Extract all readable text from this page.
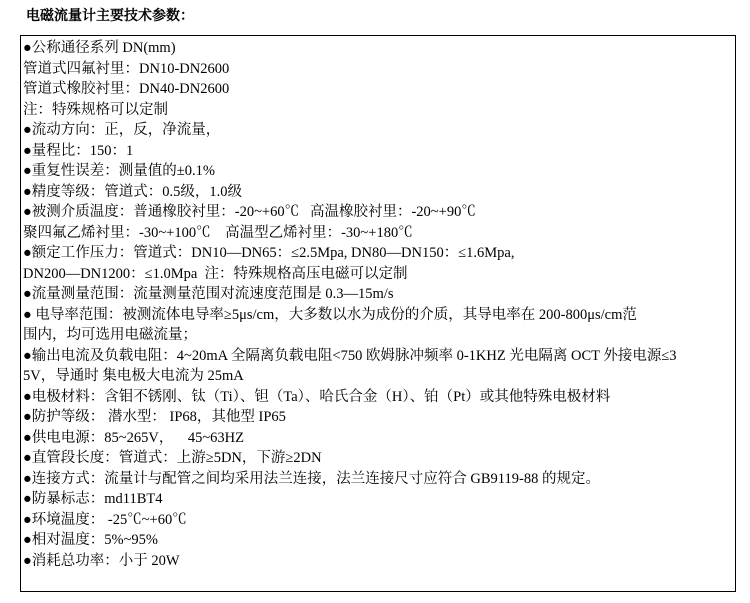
电磁流量计主要技术参数：
●公称通径系列 DN(mm)
管道式四氟衬里：DN10-DN2600
管道式橡胶衬里：DN40-DN2600
注：特殊规格可以定制
●流动方向：正，反，净流量，
●量程比：150：1
●重复性误差：测量值的±0.1%
●精度等级：管道式：0.5级，1.0级
●被测介质温度：普通橡胶衬里：-20~+60℃   高温橡胶衬里：-20~+90℃
聚四氟乙烯衬里：-30~+100℃    高温型乙烯衬里：-30~+180℃
●额定工作压力：管道式：DN10—DN65：≤2.5Mpa, DN80—DN150：≤1.6Mpa,
DN200—DN1200：≤1.0Mpa  注：特殊规格高压电磁可以定制
●流量测量范围：流量测量范围对流速度范围是 0.3—15m/s
● 电导率范围：被测流体电导率≥5μs/cm，大多数以水为成份的介质，其导电率在 200-800μs/cm范
围内，均可选用电磁流量；
●输出电流及负载电阻：4~20mA 全隔离负载电阻<750 欧姆脉冲频率 0-1KHZ 光电隔离 OCT 外接电源≤3
5V，导通时 集电极大电流为 25mA
●电极材料：含钼不锈刚、钛（Ti）、钽（Ta）、哈氏合金（H）、铂（Pt）或其他特殊电极材料
●防护等级： 潜水型： IP68，其他型 IP65
●供电电源：85~265V，    45~63HZ
●直管段长度：管道式：上游≥5DN，下游≥2DN
●连接方式：流量计与配管之间均采用法兰连接，法兰连接尺寸应符合 GB9119-88 的规定。
●防暴标志：md11BT4
●环境温度： -25℃~+60℃
●相对温度：5%~95%
●消耗总功率：小于 20W
